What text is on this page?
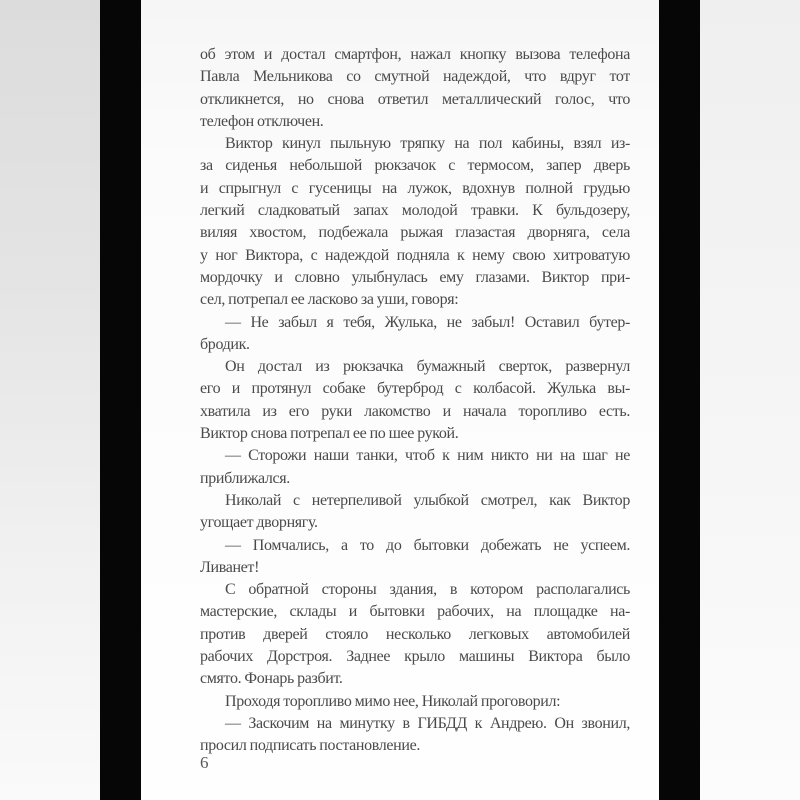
об этом и достал смартфон, нажал кнопку вызова телефона
Павла Мельникова со смутной надеждой, что вдруг тот
откликнется, но снова ответил металлический голос, что
телефон отключен.
Виктор кинул пыльную тряпку на пол кабины, взял из-
за сиденья небольшой рюкзачок с термосом, запер дверь
и спрыгнул с гусеницы на лужок, вдохнув полной грудью
легкий сладковатый запах молодой травки. К бульдозеру,
виляя хвостом, подбежала рыжая глазастая дворняга, села
у ног Виктора, с надеждой подняла к нему свою хитроватую
мордочку и словно улыбнулась ему глазами. Виктор при-
сел, потрепал ее ласково за уши, говоря:
— Не забыл я тебя, Жулька, не забыл! Оставил бутер-
бродик.
Он достал из рюкзачка бумажный сверток, развернул
его и протянул собаке бутерброд с колбасой. Жулька вы-
хватила из его руки лакомство и начала торопливо есть.
Виктор снова потрепал ее по шее рукой.
— Сторожи наши танки, чтоб к ним никто ни на шаг не
приближался.
Николай с нетерпеливой улыбкой смотрел, как Виктор
угощает дворнягу.
— Помчались, а то до бытовки добежать не успеем.
Ливанет!
С обратной стороны здания, в котором располагались
мастерские, склады и бытовки рабочих, на площадке на-
против дверей стояло несколько легковых автомобилей
рабочих Дорстроя. Заднее крыло машины Виктора было
смято. Фонарь разбит.
Проходя торопливо мимо нее, Николай проговорил:
— Заскочим на минутку в ГИБДД к Андрею. Он звонил,
просил подписать постановление.
6
